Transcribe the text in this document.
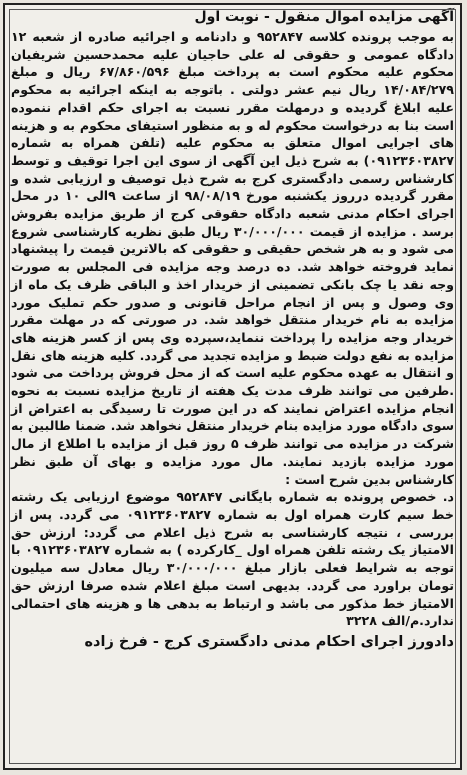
آگهی مزایده اموال منقول - نوبت اول

به موجب پرونده کلاسه ۹۵۲۸۴۷ و دادنامه و اجرائیه صادره از شعبه ۱۲ دادگاه عمومی و حقوقی له علی حاجیان علیه محمدحسین شریفیان محکوم علیه محکوم است به پرداخت مبلغ ۶۷/۸۶۰/۵۹۶ ریال و مبلغ ۱۴/۰۸۴/۲۷۹ ریال نیم عشر دولتی . باتوجه به اینکه اجرائیه به محکوم علیه ابلاغ گردیده و درمهلت مقرر نسبت به اجرای حکم اقدام ننموده است بنا به درخواست محکوم له و به منظور استیفای محکوم به و هزینه های اجرایی اموال متعلق به محکوم علیه (تلفن همراه به شماره ۰۹۱۲۳۶۰۳۸۲۷) به شرح ذیل این آگهی از سوی این اجرا توقیف و توسط کارشناس رسمی دادگستری کرج به شرح ذیل توصیف و ارزیابی شده و مقرر گردیده درروز یکشنبه مورخ ۹۸/۰۸/۱۹ از ساعت ۹الی ۱۰ در محل اجرای احکام مدنی شعبه دادگاه حقوقی کرج از طریق مزایده بفروش برسد . مزایده از قیمت ۳۰/۰۰۰/۰۰۰ ریال طبق نظریه کارشناسی شروع می شود و به هر شخص حقیقی و حقوقی که بالاترین قیمت را پیشنهاد نماید فروخته خواهد شد. ده درصد وجه مزایده فی المجلس به صورت وجه نقد یا چک بانکی تضمینی از خریدار اخذ و الباقی ظرف یک ماه از وی وصول و پس از انجام مراحل قانونی و صدور حکم تملیک مورد مزایده به نام خریدار منتقل خواهد شد. در صورتی که در مهلت مقرر خریدار وجه مزایده را پرداخت ننماید،سپرده وی پس از کسر هزینه های مزایده به نفع دولت ضبط و مزایده تجدید می گردد. کلیه هزینه های نقل و انتقال به عهده محکوم علیه است که از محل فروش پرداخت می شود .طرفین می توانند ظرف مدت یک هفته از تاریخ مزایده نسبت به نحوه انجام مزایده اعتراض نمایند که در این صورت تا رسیدگی به اعتراض از سوی دادگاه مورد مزایده بنام خریدار منتقل نخواهد شد. ضمنا طالبین به شرکت در مزایده می توانند ظرف ۵ روز قبل از مزایده با اطلاع از مال مورد مزایده بازدید نمایند. مال مورد مزایده و بهای آن طبق نظر کارشناس بدین شرح است :

د. خصوص پرونده به شماره بایگانی ۹۵۲۸۴۷ موضوع ارزیابی یک رشته خط سیم کارت همراه اول به شماره ۰۹۱۲۳۶۰۳۸۲۷ می گردد. پس از بررسی ، نتیجه کارشناسی به شرح ذیل اعلام می گردد: ارزش حق الامتیاز یک رشته تلفن همراه اول _کارکرده ) به شماره ۰۹۱۲۳۶۰۳۸۲۷ با توجه به شرایط فعلی بازار مبلغ ۳۰/۰۰۰/۰۰۰ ریال معادل سه میلیون تومان براورد می گردد. بدیهی است مبلغ اعلام شده صرفا ارزش حق الامتیاز خط مذکور می باشد و ارتباط به بدهی ها و هزینه های احتمالی ندارد.م/الف ۳۲۲۸

دادورز اجرای احکام مدنی دادگستری کرج - فرخ زاده
